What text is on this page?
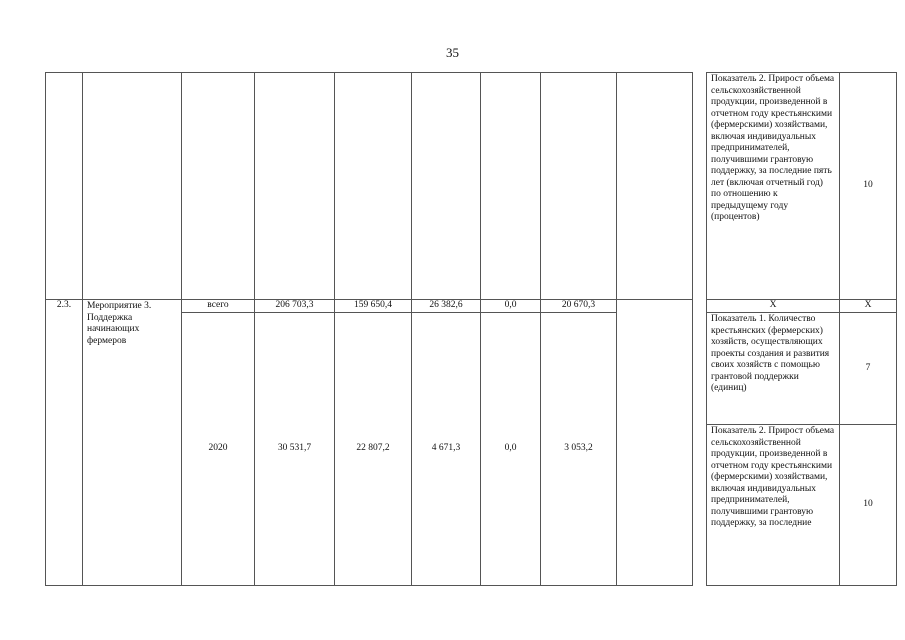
35

										Показатель 2. Прирост объема сельскохозяйственной продукции, произведенной в отчетном году крестьянскими (фермерскими) хозяйствами, включая индивидуальных предпринимателей, получившими грантовую поддержку, за последние пять лет (включая отчетный год) по отношению к предыдущему году (процентов)	10
2.3.	Мероприятие 3. Поддержка начинающих фермеров	всего	206 703,3	159 650,4	26 382,6	0,0	20 670,3			Х	Х
		2020	30 531,7	22 807,2	4 671,3	0,0	3 053,2			Показатель 1. Количество крестьянских (фермерских) хозяйств, осуществляющих проекты создания и развития своих хозяйств с помощью грантовой поддержки (единиц)	7

										Показатель 2. Прирост объема сельскохозяйственной продукции, произведенной в отчетном году крестьянскими (фермерскими) хозяйствами, включая индивидуальных предпринимателей, получившими грантовую поддержку, за последние	10
